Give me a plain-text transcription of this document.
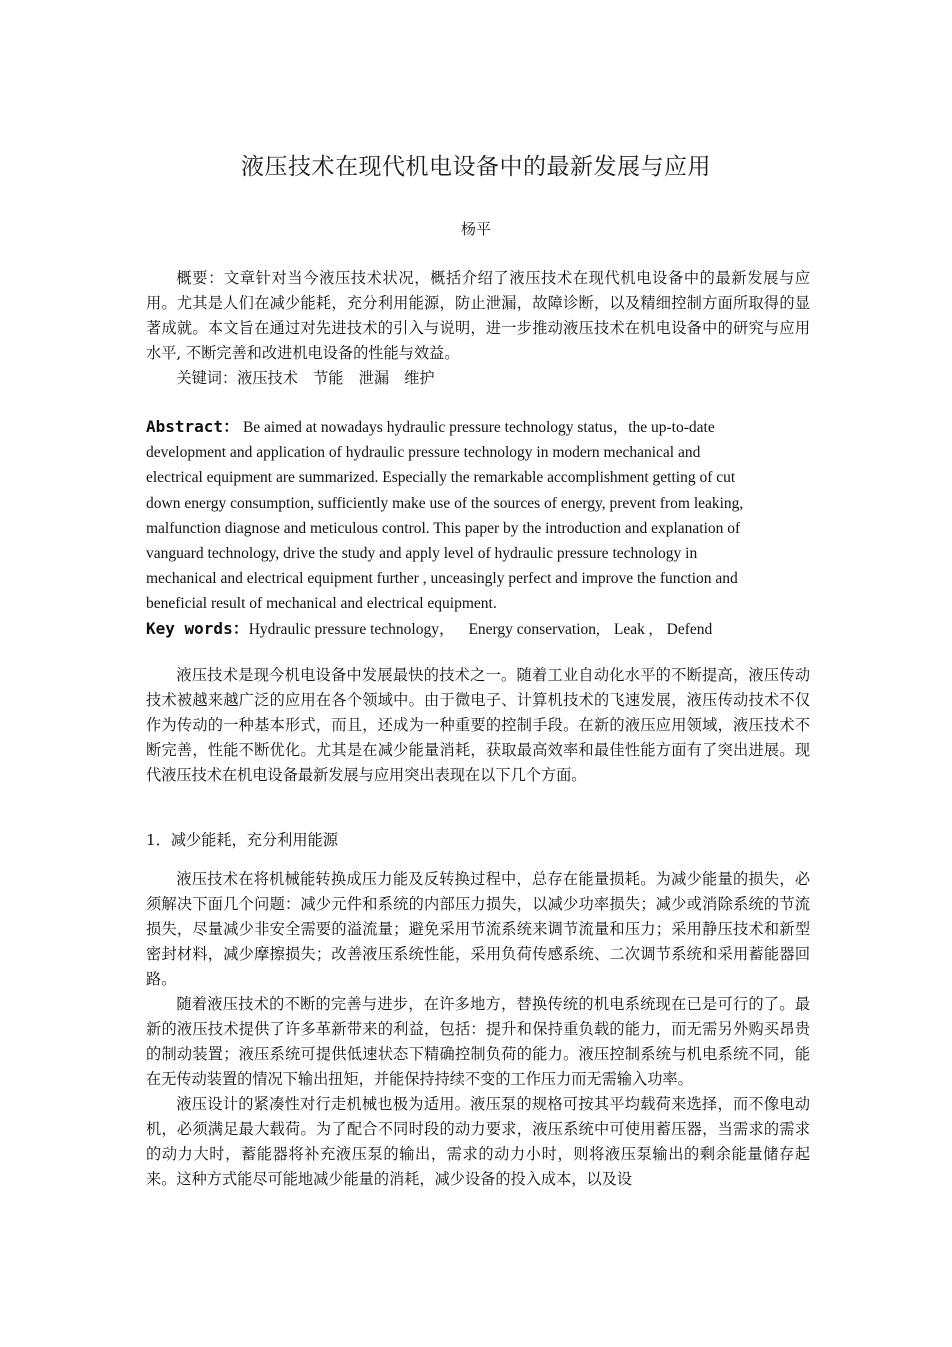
液压技术在现代机电设备中的最新发展与应用
杨平

概要：文章针对当今液压技术状况，概括介绍了液压技术在现代机电设备中的最新发展与应用。尤其是人们在减少能耗，充分利用能源，防止泄漏，故障诊断，以及精细控制方面所取得的显著成就。本文旨在通过对先进技术的引入与说明，进一步推动液压技术在机电设备中的研究与应用水平, 不断完善和改进机电设备的性能与效益。

关键词：液压技术　节能　泄漏　维护

Abstract： Be aimed at nowadays hydraulic pressure technology status，the up-to-date
development and application of hydraulic pressure technology in modern mechanical and
electrical equipment are summarized. Especially the remarkable accomplishment getting of cut
down energy consumption, sufficiently make use of the sources of energy, prevent from leaking,
malfunction diagnose and meticulous control. This paper by the introduction and explanation of
vanguard technology, drive the study and apply level of hydraulic pressure technology in
mechanical and electrical equipment further , unceasingly perfect and improve the function and
beneficial result of mechanical and electrical equipment.
Key words：Hydraulic pressure technology， Energy conservation, Leak , Defend

液压技术是现今机电设备中发展最快的技术之一。随着工业自动化水平的不断提高，液压传动技术被越来越广泛的应用在各个领域中。由于微电子、计算机技术的飞速发展，液压传动技术不仅作为传动的一种基本形式，而且，还成为一种重要的控制手段。在新的液压应用领域，液压技术不断完善，性能不断优化。尤其是在减少能量消耗，获取最高效率和最佳性能方面有了突出进展。现代液压技术在机电设备最新发展与应用突出表现在以下几个方面。

1．减少能耗，充分利用能源

液压技术在将机械能转换成压力能及反转换过程中，总存在能量损耗。为减少能量的损失，必须解决下面几个问题：减少元件和系统的内部压力损失，以减少功率损失；减少或消除系统的节流损失，尽量减少非安全需要的溢流量；避免采用节流系统来调节流量和压力；采用静压技术和新型密封材料，减少摩擦损失；改善液压系统性能，采用负荷传感系统、二次调节系统和采用蓄能器回路。

随着液压技术的不断的完善与进步，在许多地方，替换传统的机电系统现在已是可行的了。最新的液压技术提供了许多革新带来的利益，包括：提升和保持重负载的能力，而无需另外购买昂贵的制动装置；液压系统可提供低速状态下精确控制负荷的能力。液压控制系统与机电系统不同，能在无传动装置的情况下输出扭矩，并能保持持续不变的工作压力而无需输入功率。

液压设计的紧凑性对行走机械也极为适用。液压泵的规格可按其平均载荷来选择，而不像电动机，必须满足最大载荷。为了配合不同时段的动力要求，液压系统中可使用蓄压器，当需求的需求的动力大时，蓄能器将补充液压泵的输出，需求的动力小时，则将液压泵输出的剩余能量储存起来。这种方式能尽可能地减少能量的消耗，减少设备的投入成本，以及设
